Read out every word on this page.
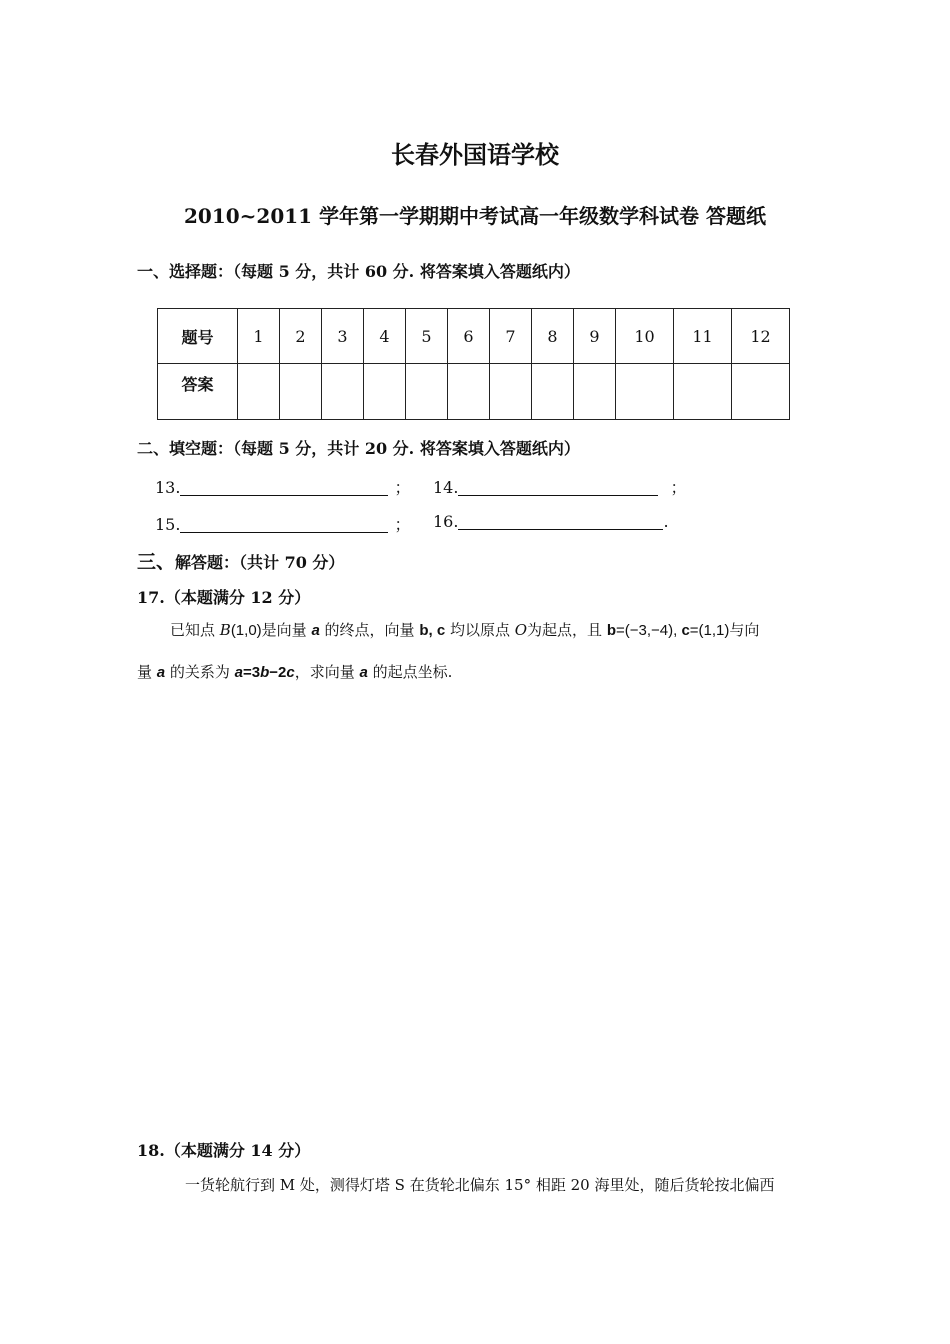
长春外国语学校
2010~2011 学年第一学期期中考试高一年级数学科试卷 答题纸
一、选择题：（每题 5 分，共计 60 分. 将答案填入答题纸内）
题号	1	2	3	4	5	6	7	8	9	10	11	12
答案												
二、填空题：（每题 5 分，共计 20 分. 将答案填入答题纸内）
13.	； 14.	；
15.	； 16.	.
三、解答题：（共计 70 分）
17.（本题满分 12 分）
已知点 B(1,0)是向量 a 的终点，向量 b, c 均以原点 O为起点，且 b=(−3,−4), c=(1,1)与向
量 a 的关系为 a=3b−2c，求向量 a 的起点坐标.
18.（本题满分 14 分）
一货轮航行到 M 处，测得灯塔 S 在货轮北偏东 15° 相距 20 海里处，随后货轮按北偏西
